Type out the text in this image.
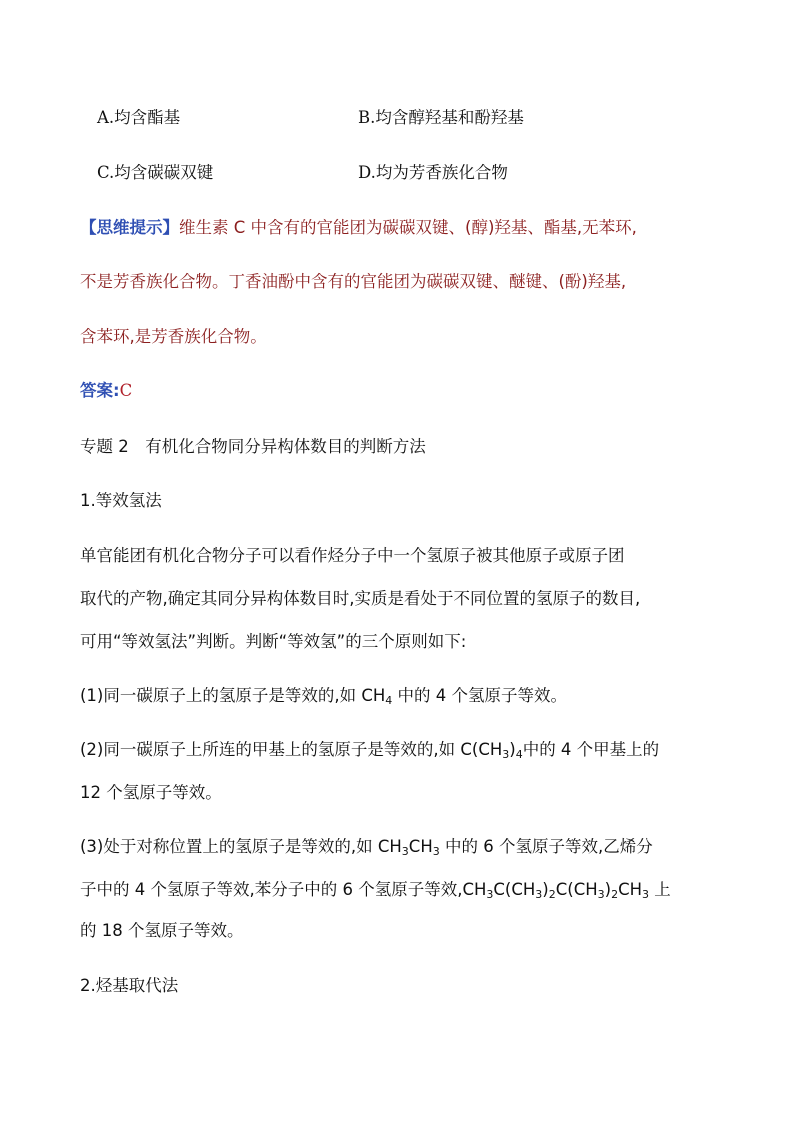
A.均含酯基	B.均含醇羟基和酚羟基
C.均含碳碳双键	D.均为芳香族化合物
【思维提示】维生素 C 中含有的官能团为碳碳双键、(醇)羟基、酯基,无苯环,
不是芳香族化合物。丁香油酚中含有的官能团为碳碳双键、醚键、(酚)羟基,
含苯环,是芳香族化合物。
答案:C
专题 2　有机化合物同分异构体数目的判断方法
1.等效氢法
单官能团有机化合物分子可以看作烃分子中一个氢原子被其他原子或原子团
取代的产物,确定其同分异构体数目时,实质是看处于不同位置的氢原子的数目,
可用“等效氢法”判断。判断“等效氢”的三个原则如下:
(1)同一碳原子上的氢原子是等效的,如 $CH_4$ 中的 4 个氢原子等效。
(2)同一碳原子上所连的甲基上的氢原子是等效的,如 $C(CH_3)_4$中的 4 个甲基上的
12 个氢原子等效。
(3)处于对称位置上的氢原子是等效的,如 $CH_3CH_3$ 中的 6 个氢原子等效,乙烯分
子中的 4 个氢原子等效,苯分子中的 6 个氢原子等效$,CH_3C(CH_3)_2C(CH_3)_2CH_3$ 上
的 18 个氢原子等效。
2.烃基取代法
